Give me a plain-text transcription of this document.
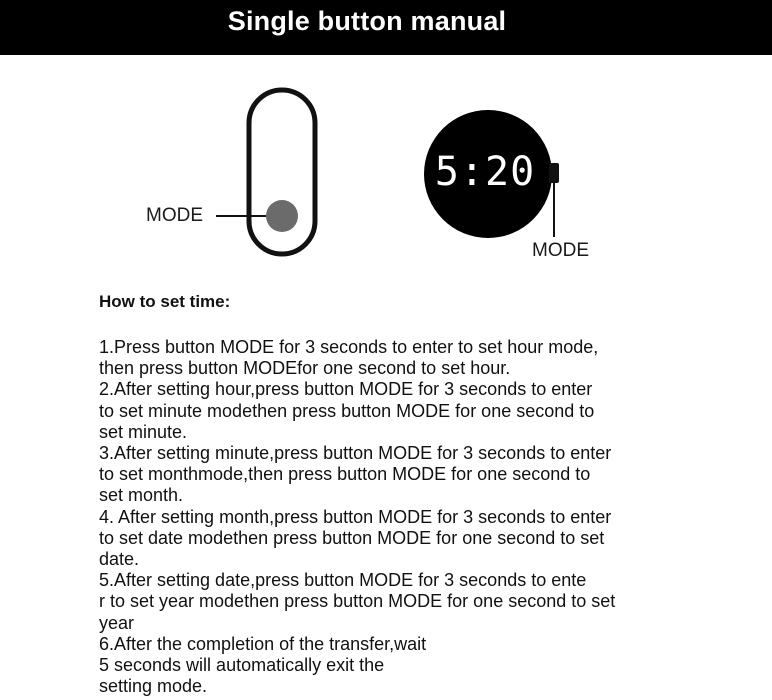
Single button manual
5:20
MODE
MODE
How to set time:
1.Press button MODE for 3 seconds to enter to set hour mode,
then press button MODEfor one second to set hour.
2.After setting hour,press button MODE for 3 seconds to enter
to set minute modethen press button MODE for one second to
set minute.
3.After setting minute,press button MODE for 3 seconds to enter
to set monthmode,then press button MODE for one second to
set month.
4. After setting month,press button MODE for 3 seconds to enter
to set date modethen press button MODE for one second to set
date.
5.After setting date,press button MODE for 3 seconds to ente
r to set year modethen press button MODE for one second to set
year
6.After the completion of the transfer,wait
5 seconds will automatically exit the
setting mode.
